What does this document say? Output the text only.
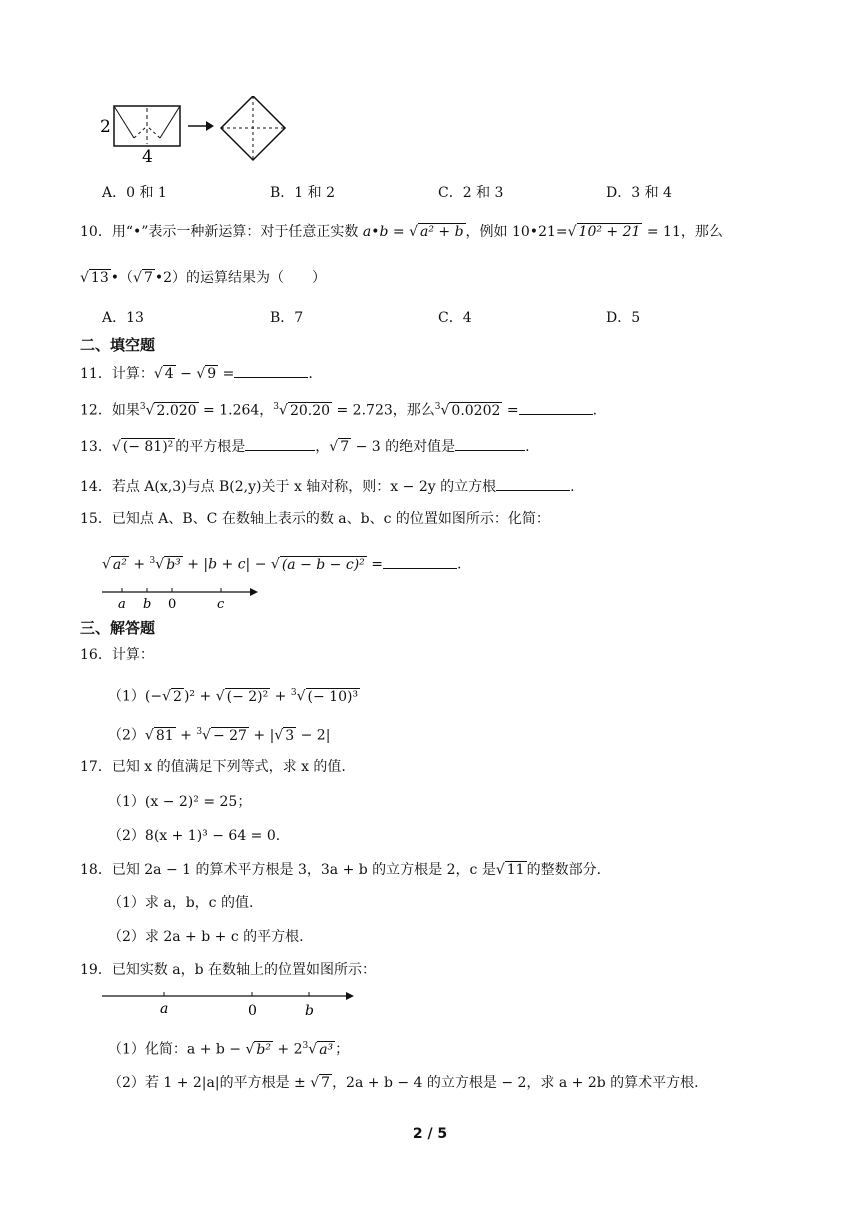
2
4
A．0 和 1	B．1 和 2	C．2 和 3	D．3 和 4
10．用“•”表示一种新运算：对于任意正实数 a•b = √ a² + b ，例如 10•21=√ 10² + 21 = 11，那么
√ 13 •（√ 7 •2）的运算结果为（　　）
A．13	B．7	C．4	D．5
二、填空题
11．计算：√ 4 − √ 9 =	.
12．如果$^3$√ 2.020 = 1.264，$^3$√ 20.20 = 2.723，那么$^3$√ 0.0202 =	.
13．√ (− 81)² 的平方根是	，√ 7 − 3 的绝对值是	.
14．若点 A(x,3)与点 B(2,y)关于 x 轴对称，则：x − 2y 的立方根	.
15．已知点 A、B、C 在数轴上表示的数 a、b、c 的位置如图所示：化简：
√ a² + $^3$√ b³ + |b + c| − √ (a − b − c)² =	.
a b 0	c
三、解答题
16．计算：
（1）(−√ 2 )² + √ (− 2)² + $^3$√ (− 10)³
（2）√ 81 + $^3$√ − 27 + |√ 3 − 2|
17．已知 x 的值满足下列等式，求 x 的值.
（1）(x − 2)² = 25；
（2）8(x + 1)³ − 64 = 0.
18．已知 2a − 1 的算术平方根是 3，3a + b 的立方根是 2，c 是√ 11 的整数部分.
（1）求 a，b，c 的值.
（2）求 2a + b + c 的平方根.
19．已知实数 a，b 在数轴上的位置如图所示：
a	0	b
（1）化简：a + b − √ $b^2 + 2^3√$ a³ ；
（2）若 1 + 2|a|的平方根是 ± √ 7 ，2a + b − 4 的立方根是 − 2，求 a + 2b 的算术平方根.
2 / 5
